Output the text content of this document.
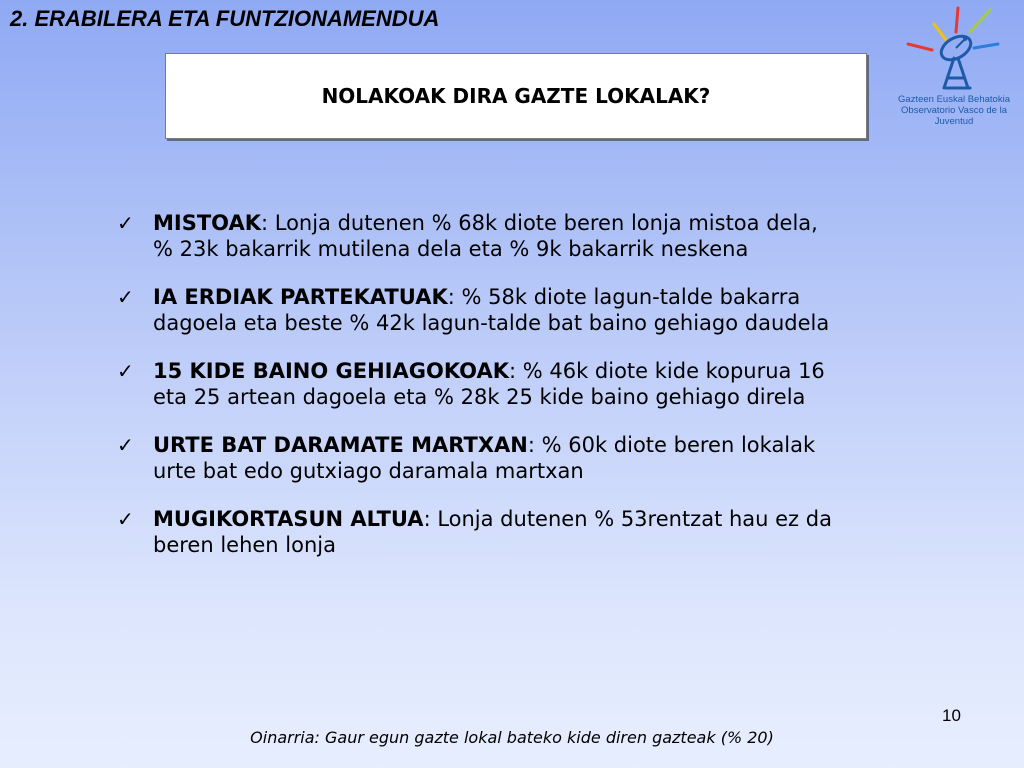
2. ERABILERA ETA FUNTZIONAMENDUA
NOLAKOAK DIRA GAZTE LOKALAK?	Gazteen Euskal Behatokia
Observatorio Vasco de la Juventud
✓ MISTOAK: Lonja dutenen % 68k diote beren lonja mistoa dela, % 23k bakarrik mutilena dela eta % 9k bakarrik neskena
✓ IA ERDIAK PARTEKATUAK: % 58k diote lagun-talde bakarra dagoela eta beste % 42k lagun-talde bat baino gehiago daudela
✓ 15 KIDE BAINO GEHIAGOKOAK: % 46k diote kide kopurua 16 eta 25 artean dagoela eta % 28k 25 kide baino gehiago direla
✓ URTE BAT DARAMATE MARTXAN: % 60k diote beren lokalak urte bat edo gutxiago daramala martxan
✓ MUGIKORTASUN ALTUA: Lonja dutenen % 53rentzat hau ez da beren lehen lonja
10
Oinarria: Gaur egun gazte lokal bateko kide diren gazteak (% 20)
